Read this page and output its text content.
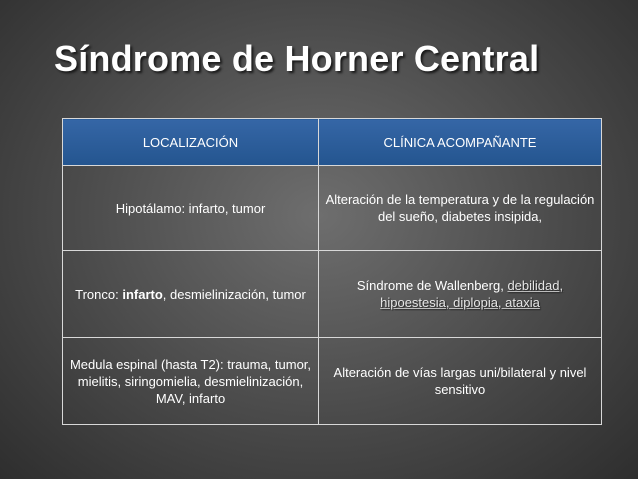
Síndrome de Horner Central
LOCALIZACIÓN	CLÍNICA ACOMPAÑANTE
Hipotálamo: infarto, tumor	Alteración de la temperatura y de la regulación del sueño, diabetes insipida,
Tronco: infarto, desmielinización, tumor	Síndrome de Wallenberg, debilidad,
hipoestesia, diplopia, ataxia
Medula espinal (hasta T2): trauma, tumor, mielitis, siringomielia, desmielinización, MAV, infarto	Alteración de vías largas uni/bilateral y nivel sensitivo
